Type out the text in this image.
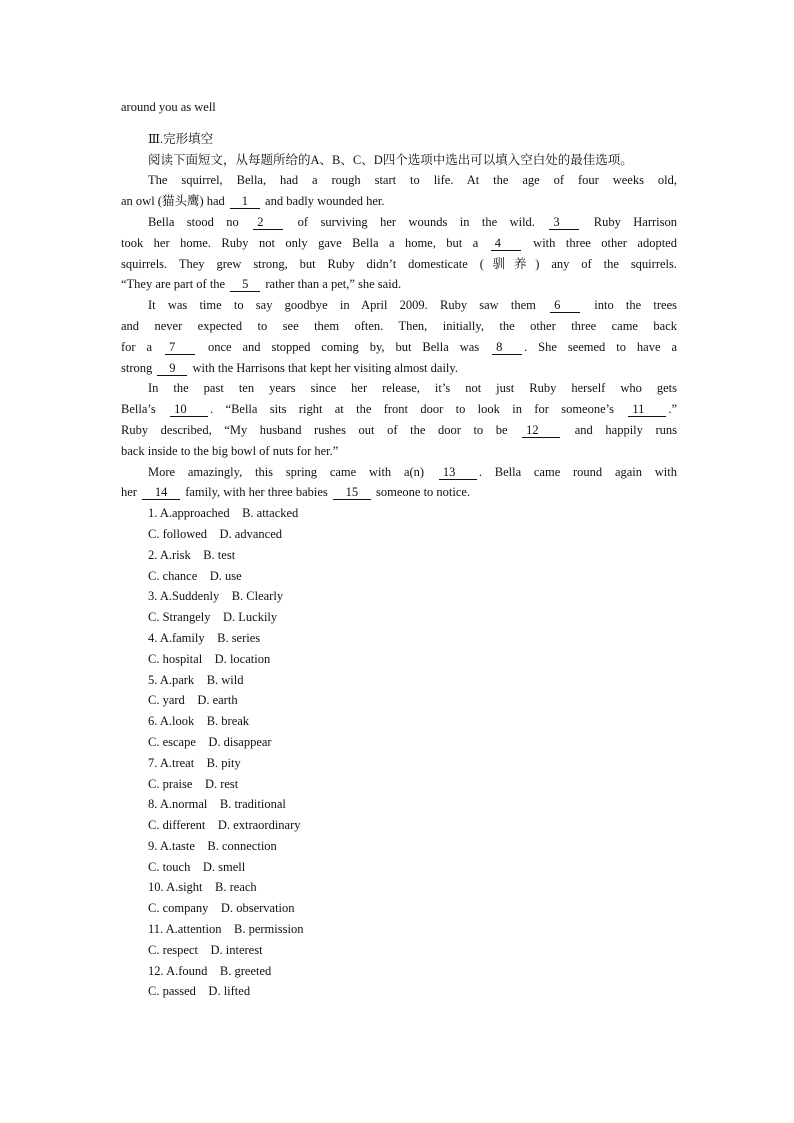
around you as well
Ⅲ.完形填空
阅读下面短文，从每题所给的A、B、C、D四个选项中选出可以填入空白处的最佳选项。
The squirrel, Bella, had a rough start to life. At the age of four weeks old,
an owl (猫头鹰) had 1 and badly wounded her.
Bella stood no 2 of surviving her wounds in the wild. 3 Ruby Harrison
took her home. Ruby not only gave Bella a home, but a 4 with three other adopted
squirrels. They grew strong, but Ruby didn’t domesticate (驯养) any of the squirrels.
“They are part of the 5 rather than a pet,” she said.
It was time to say goodbye in April 2009. Ruby saw them 6 into the trees
and never expected to see them often. Then, initially, the other three came back
for a 7 once and stopped coming by, but Bella was 8 . She seemed to have a
strong 9 with the Harrisons that kept her visiting almost daily.
In the past ten years since her release, it’s not just Ruby herself who gets
Bella’s 10 . “Bella sits right at the front door to look in for someone’s 11 .”
Ruby described, “My husband rushes out of the door to be 12 and happily runs
back inside to the big bowl of nuts for her.”
More amazingly, this spring came with a(n) 13 . Bella came round again with
her 14 family, with her three babies 15 someone to notice.
1. A.approached B. attacked
C. followed D. advanced
2. A.risk B. test
C. chance D. use
3. A.Suddenly B. Clearly
C. Strangely D. Luckily
4. A.family B. series
C. hospital D. location
5. A.park B. wild
C. yard D. earth
6. A.look B. break
C. escape D. disappear
7. A.treat B. pity
C. praise D. rest
8. A.normal B. traditional
C. different D. extraordinary
9. A.taste B. connection
C. touch D. smell
10. A.sight B. reach
C. company D. observation
11. A.attention B. permission
C. respect D. interest
12. A.found B. greeted
C. passed D. lifted
